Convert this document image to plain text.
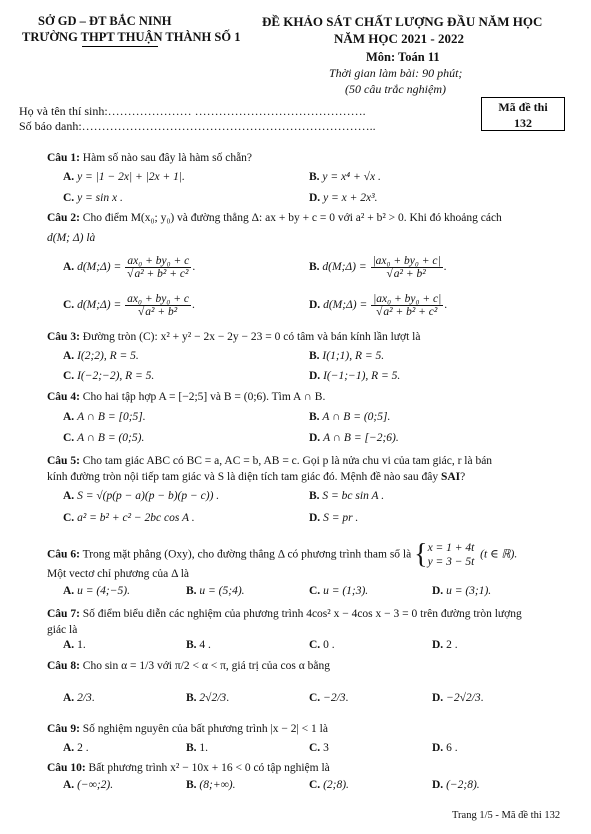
SỞ GD – ĐT BẮC NINH
TRƯỜNG THPT THUẬN THÀNH SỐ 1
ĐỀ KHẢO SÁT CHẤT LƯỢNG ĐẦU NĂM HỌC
NĂM HỌC 2021 - 2022
Môn: Toán 11
Thời gian làm bài: 90 phút;
(50 câu trắc nghiệm)
Họ và tên thí sinh:………………… …………………………………….
Số báo danh:………………………………………………………………..
Mã đề thi
132
Câu 1: Hàm số nào sau đây là hàm số chẵn?
A. y = |1 − 2x| + |2x + 1|.	B. y = x⁴ + √x .
C. y = sin x .	D. y = x + 2x³.
Câu 2: Cho điểm M(x₀; y₀) và đường thẳng Δ: ax + by + c = 0 với a² + b² > 0. Khi đó khoảng cách
d(M; Δ) là
A. d(M;Δ) = $\frac{\text{ax₀ + by₀ + c}}{\text{√a² + b² + c²}}$ .	B. d(M;Δ) = $\frac{\text{|ax₀ + by₀ + c|}}{\text{√a² + b²}}$ .
C. d(M;Δ) = $\frac{\text{ax₀ + by₀ + c}}{\text{√a² + b²}}$ .	D. d(M;Δ) = $\frac{\text{|ax₀ + by₀ + c|}}{\text{√a² + b² + c²}}$ .
Câu 3: Đường tròn (C): x² + y² − 2x − 2y − 23 = 0 có tâm và bán kính lần lượt là
A. I(2;2), R = 5.	B. I(1;1), R = 5.
C. I(−2;−2), R = 5.	D. I(−1;−1), R = 5.
Câu 4: Cho hai tập hợp A = [−2;5] và B = (0;6). Tìm A ∩ B.
A. A ∩ B = [0;5].	B. A ∩ B = (0;5].
C. A ∩ B = (0;5).	D. A ∩ B = [−2;6).
Câu 5: Cho tam giác ABC có BC = a, AC = b, AB = c. Gọi p là nửa chu vi của tam giác, r là bán
kính đường tròn nội tiếp tam giác và S là diện tích tam giác đó. Mệnh đề nào sau đây SAI?
A. S = √(p(p − a)(p − b)(p − c)) .	B. S = bc sin A .
C. a² = b² + c² − 2bc cos A .	D. S = pr .
Câu 6: Trong mặt phẳng (Oxy), cho đường thẳng Δ có phương trình tham số là {x = 1 + 4t
y = 3 − 5t  (t ∈ ℝ).
Một vectơ chỉ phương của Δ là
A. u = (4;−5).	B. u = (5;4).	C. u = (1;3).	D. u = (3;1).
Câu 7: Số điểm biểu diễn các nghiệm của phương trình 4cos² x − 4cos x − 3 = 0 trên đường tròn lượng
giác là
A. 1.	B. 4 .	C. 0 .	D. 2 .
Câu 8: Cho sin α = 1/3 với π/2 < α < π, giá trị của cos α bằng
A. 2/3.	B. 2√2/3.	C. −2/3.	D. −2√2/3.
Câu 9: Số nghiệm nguyên của bất phương trình |x − 2| < 1 là
A. 2 .	B. 1.	C. 3	D. 6 .
Câu 10: Bất phương trình x² − 10x + 16 < 0 có tập nghiệm là
A. (−∞;2).	B. (8;+∞).	C. (2;8).	D. (−2;8).
Trang 1/5 - Mã đề thi 132
